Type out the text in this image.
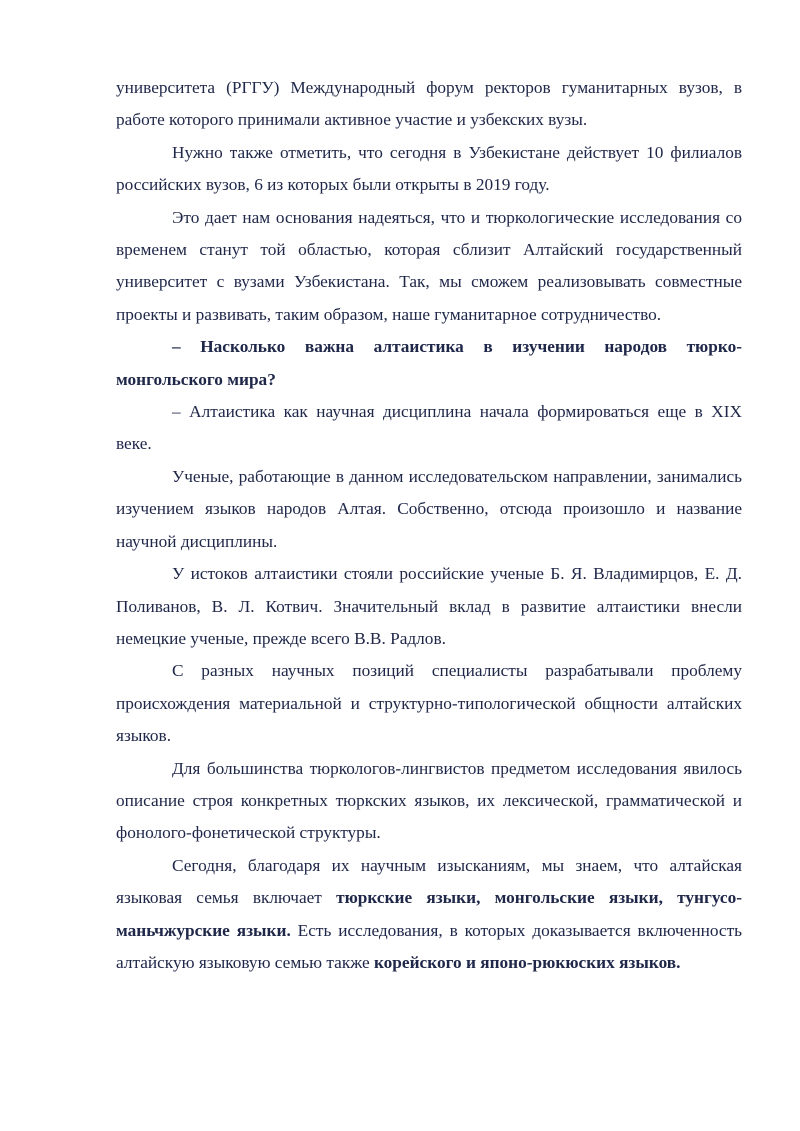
университета (РГГУ) Международный форум ректоров гуманитарных вузов, в работе которого принимали активное участие и узбекских вузы.

Нужно также отметить, что сегодня в Узбекистане действует 10 филиалов российских вузов, 6 из которых были открыты в 2019 году.

Это дает нам основания надеяться, что и тюркологические исследования со временем станут той областью, которая сблизит Алтайский государственный университет с вузами Узбекистана. Так, мы сможем реализовывать совместные проекты и развивать, таким образом, наше гуманитарное сотрудничество.

– Насколько важна алтаистика в изучении народов тюрко-монгольского мира?

– Алтаистика как научная дисциплина начала формироваться еще в XIX веке.

Ученые, работающие в данном исследовательском направлении, занимались изучением языков народов Алтая. Собственно, отсюда произошло и название научной дисциплины.

У истоков алтаистики стояли российские ученые Б. Я. Владимирцов, Е. Д. Поливанов, В. Л. Котвич. Значительный вклад в развитие алтаистики внесли немецкие ученые, прежде всего В.В. Радлов.

С разных научных позиций специалисты разрабатывали проблему происхождения материальной и структурно-типологической общности алтайских языков.

Для большинства тюркологов-лингвистов предметом исследования явилось описание строя конкретных тюркских языков, их лексической, грамматической и фонолого-фонетической структуры.

Сегодня, благодаря их научным изысканиям, мы знаем, что алтайская языковая семья включает тюркские языки, монгольские языки, тунгусо-маньчжурские языки. Есть исследования, в которых доказывается включенность алтайскую языковую семью также корейского и японо-рюкюских языков.
